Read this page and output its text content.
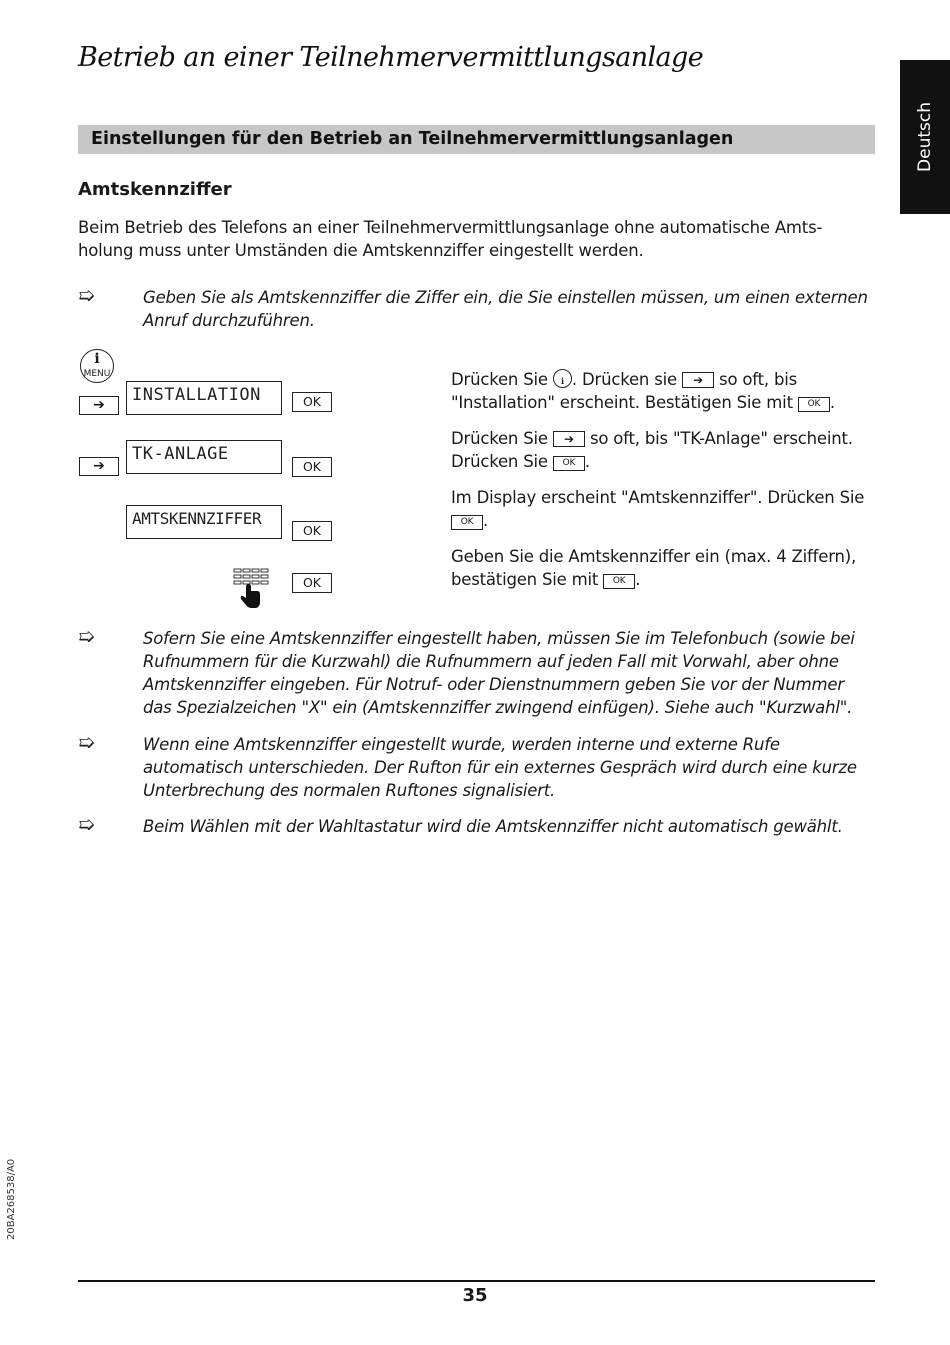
Betrieb an einer Teilnehmervermittlungsanlage
Deutsch
Einstellungen für den Betrieb an Teilnehmervermittlungsanlagen
Amtskennziffer
Beim Betrieb des Telefons an einer Teilnehmervermittlungsanlage ohne automatische Amts-
holung muss unter Umständen die Amtskennziffer eingestellt werden.
➯	Geben Sie als Amtskennziffer die Ziffer ein, die Sie einstellen müssen, um einen externen
Anruf durchzuführen.
i
MENU
➔	INSTALLATION	OK
➔
TK-ANLAGE
OK
AMTSKENNZIFFER
OK
OK
Drücken Sie i. Drücken sie ➔ so oft, bis
"Installation" erscheint. Bestätigen Sie mit OK .
Drücken Sie ➔ so oft, bis "TK-Anlage" erscheint.
Drücken Sie OK .
Im Display erscheint "Amtskennziffer". Drücken Sie
OK .
Geben Sie die Amtskennziffer ein (max. 4 Ziffern),
bestätigen Sie mit OK .
➯	Sofern Sie eine Amtskennziffer eingestellt haben, müssen Sie im Telefonbuch (sowie bei
Rufnummern für die Kurzwahl) die Rufnummern auf jeden Fall mit Vorwahl, aber ohne
Amtskennziffer eingeben. Für Notruf- oder Dienstnummern geben Sie vor der Nummer
das Spezialzeichen "X" ein (Amtskennziffer zwingend einfügen). Siehe auch "Kurzwahl".
➯	Wenn eine Amtskennziffer eingestellt wurde, werden interne und externe Rufe
automatisch unterschieden. Der Rufton für ein externes Gespräch wird durch eine kurze
Unterbrechung des normalen Ruftones signalisiert.
➯	Beim Wählen mit der Wahltastatur wird die Amtskennziffer nicht automatisch gewählt.
20BA268538/A0
35
